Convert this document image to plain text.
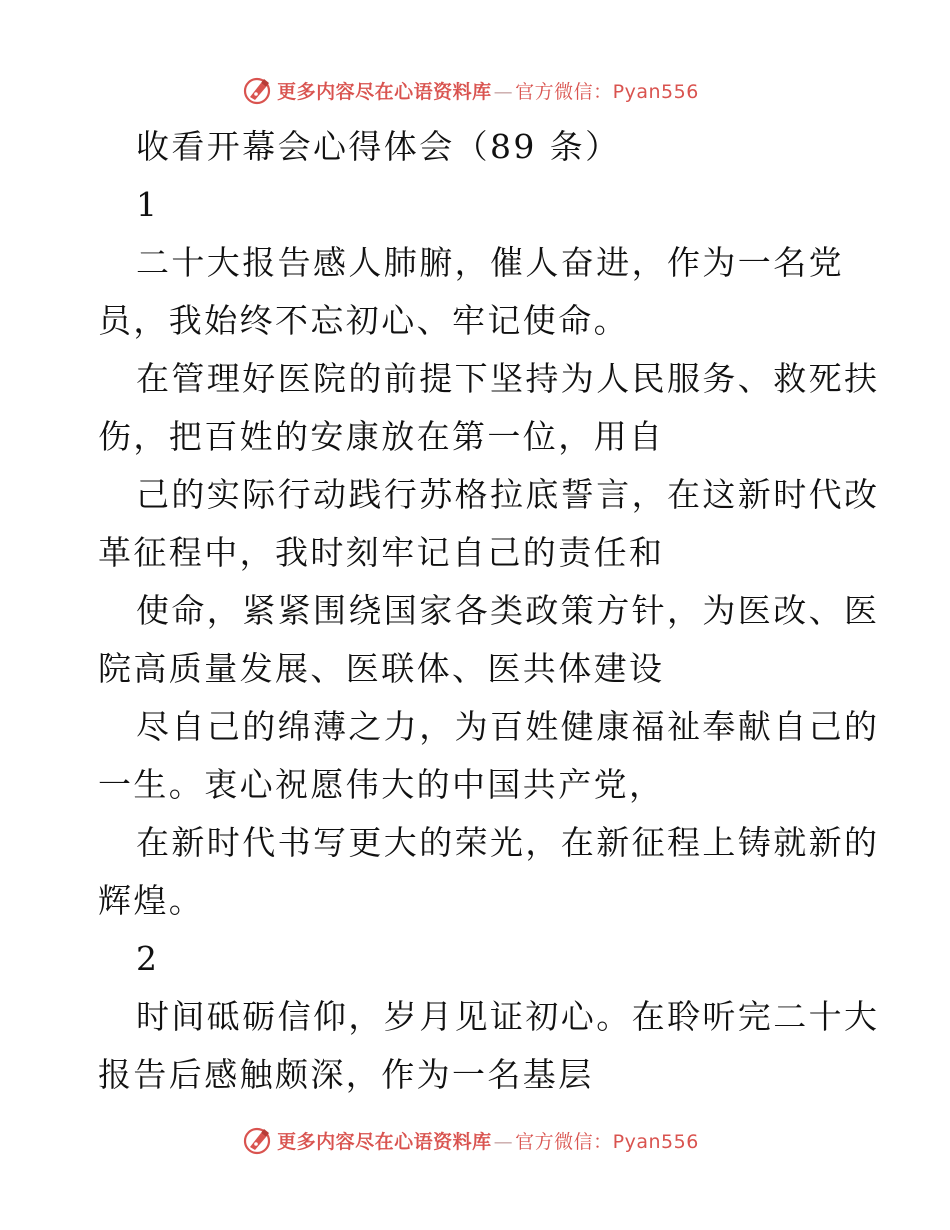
更多内容尽在心语资料库 — 官方微信：Pyan556
收看开幕会心得体会（89 条）
1
二十大报告感人肺腑，催人奋进，作为一名党
员，我始终不忘初心、牢记使命。
在管理好医院的前提下坚持为人民服务、救死扶
伤，把百姓的安康放在第一位，用自
己的实际行动践行苏格拉底誓言，在这新时代改
革征程中，我时刻牢记自己的责任和
使命，紧紧围绕国家各类政策方针，为医改、医
院高质量发展、医联体、医共体建设
尽自己的绵薄之力，为百姓健康福祉奉献自己的
一生。衷心祝愿伟大的中国共产党，
在新时代书写更大的荣光，在新征程上铸就新的
辉煌。
2
时间砥砺信仰，岁月见证初心。在聆听完二十大
报告后感触颇深，作为一名基层
更多内容尽在心语资料库 — 官方微信：Pyan556
